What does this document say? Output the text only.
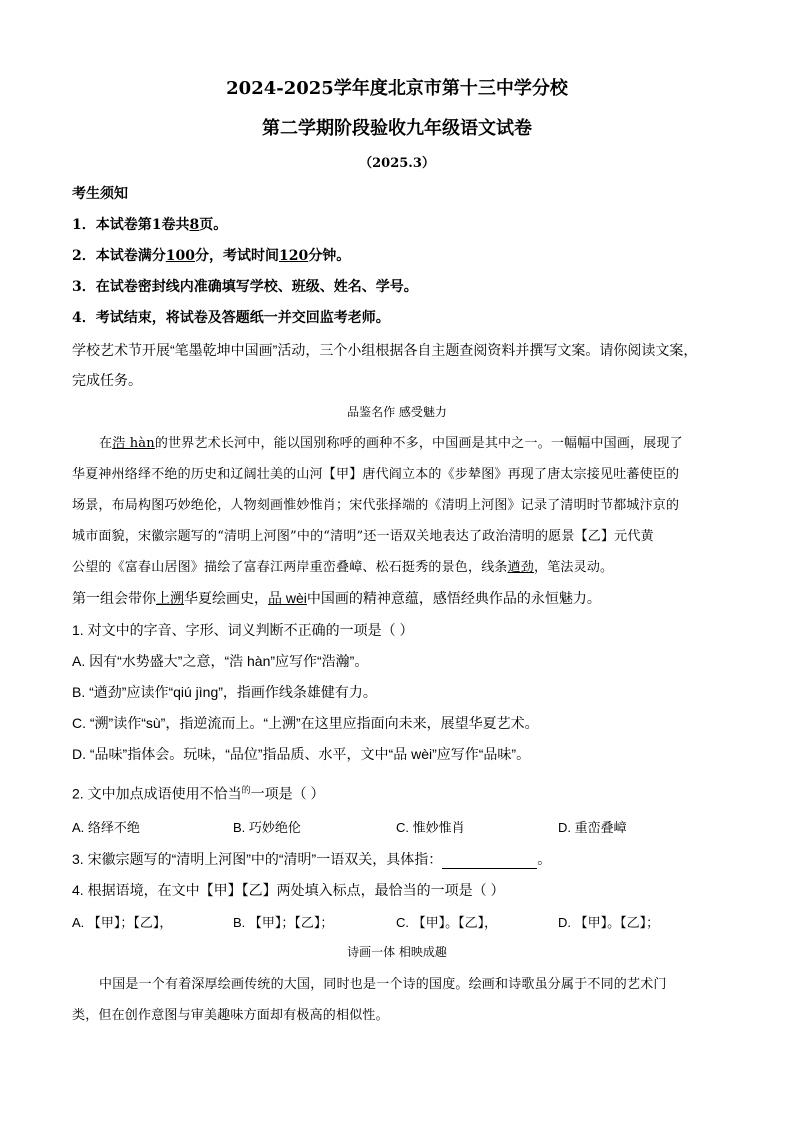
2024-2025学年度北京市第十三中学分校
第二学期阶段验收九年级语文试卷
（2025.3）
考生须知
1．本试卷第1卷共8页。
2．本试卷满分100分，考试时间120分钟。
3．在试卷密封线内准确填写学校、班级、姓名、学号。
4．考试结束，将试卷及答题纸一并交回监考老师。
学校艺术节开展“笔墨乾坤中国画”活动，三个小组根据各自主题查阅资料并撰写文案。请你阅读文案，
完成任务。
品鉴名作 感受魅力
在浩 hàn的世界艺术长河中，能以国别称呼的画种不多，中国画是其中之一。一幅幅中国画，展现了
华夏神州络绎不绝的历史和辽阔壮美的山河【甲】唐代阎立本的《步辇图》再现了唐太宗接见吐蕃使臣的
场景，布局构图巧妙绝伦，人物刻画惟妙惟肖；宋代张择端的《清明上河图》记录了清明时节都城汴京的
城市面貌，宋徽宗题写的“清明上河图”中的“清明”还一语双关地表达了政治清明的愿景【乙】元代黄
公望的《富春山居图》描绘了富春江两岸重峦叠嶂、松石挺秀的景色，线条遒劲，笔法灵动。
第一组会带你上溯华夏绘画史，品 wèi中国画的精神意蕴，感悟经典作品的永恒魅力。
1. 对文中的字音、字形、词义判断不正确的一项是（ ）
A. 因有“水势盛大”之意，“浩 hàn”应写作“浩瀚”。
B. “遒劲”应读作“qiú jìng”，指画作线条雄健有力。
C. “溯”读作“sù”，指逆流而上。“上溯”在这里应指面向未来，展望华夏艺术。
D. “品味”指体会。玩味，“品位”指品质、水平，文中“品 wèi”应写作“品味”。
2. 文中加点成语使用不恰当$^的$一项是（ ）
A. 络绎不绝	B. 巧妙绝伦	C. 惟妙惟肖	D. 重峦叠嶂
3. 宋徽宗题写的“清明上河图”中的“清明”一语双关，具体指：	。
4. 根据语境，在文中【甲】【乙】两处填入标点，最恰当的一项是（ ）
A. 【甲】；【乙】，	B. 【甲】；【乙】；	C. 【甲】。【乙】，	D. 【甲】。【乙】；
诗画一体 相映成趣
中国是一个有着深厚绘画传统的大国，同时也是一个诗的国度。绘画和诗歌虽分属于不同的艺术门
类，但在创作意图与审美趣味方面却有极高的相似性。
